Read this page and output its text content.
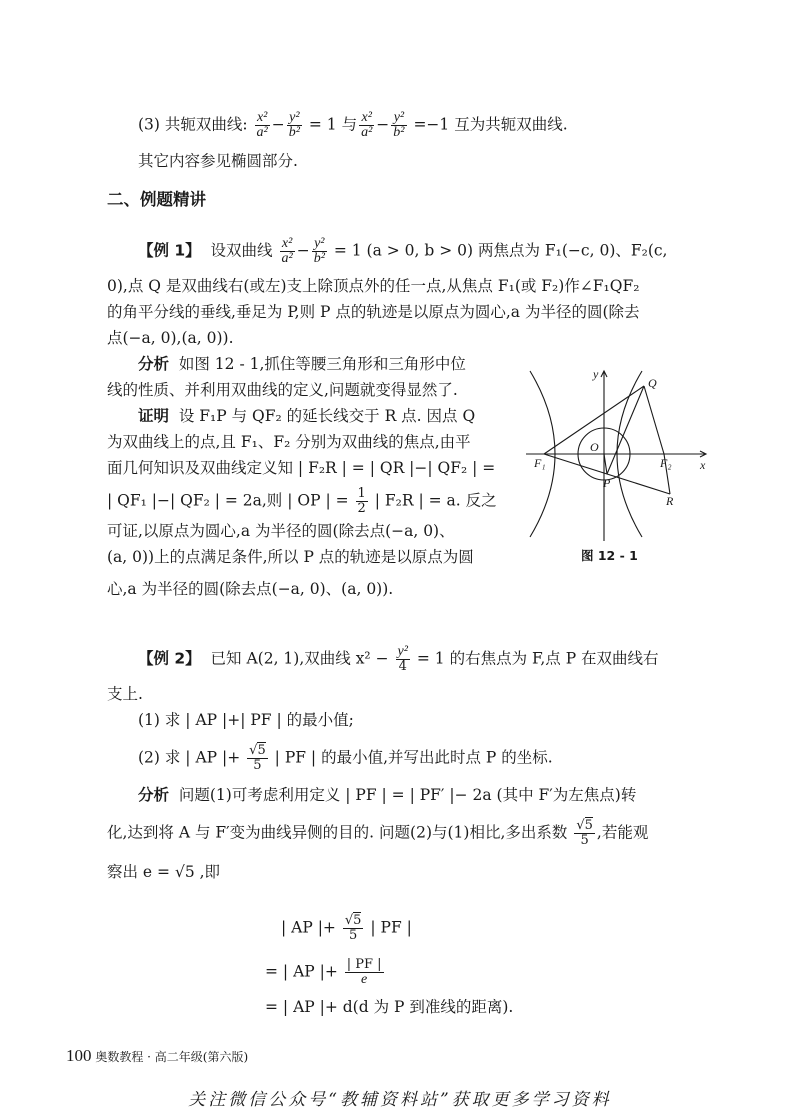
(3) 共轭双曲线: $\frac{\text{x²}}{\text{a²}} - \frac{\text{y²}}{\text{b²}} = 1$ 与 $\frac{\text{x²}}{\text{a²}} - \frac{\text{y²}}{\text{b²}} =-1$ 互为共轭双曲线.
其它内容参见椭圆部分.
二、例题精讲
【例 1】 设双曲线 $\frac{\text{x²}}{\text{a²}} - \frac{\text{y²}}{\text{b²}} = 1$ (a > 0, b > 0) 两焦点为 F₁(−c, 0)、F₂(c,
0),点 Q 是双曲线右(或左)支上除顶点外的任一点,从焦点 F₁(或 F₂)作∠F₁QF₂
的角平分线的垂线,垂足为 P,则 P 点的轨迹是以原点为圆心,a 为半径的圆(除去
点(−a, 0),(a, 0)).
分析 如图 12 - 1,抓住等腰三角形和三角形中位
线的性质、并利用双曲线的定义,问题就变得显然了.
证明 设 F₁P 与 QF₂ 的延长线交于 R 点. 因点 Q
为双曲线上的点,且 F₁、F₂ 分别为双曲线的焦点,由平
面几何知识及双曲线定义知 | F₂R | = | QR |−| QF₂ | =
| QF₁ |−| QF₂ | = 2a,则 | OP | = $\frac{1}{2}$ | F₂R | = a. 反之
可证,以原点为圆心,a 为半径的圆(除去点(−a, 0)、
(a, 0))上的点满足条件,所以 P 点的轨迹是以原点为圆
心,a 为半径的圆(除去点(−a, 0)、(a, 0)).
y
x
Q
O
F₁	F₂
P
R
图 12 - 1
【例 2】 已知 A(2, 1),双曲线 $x^2 - \frac{\text{y²}}{4} = 1$ 的右焦点为 F,点 P 在双曲线右
支上.
(1) 求 | AP |+| PF | 的最小值;
(2) 求 | AP |+ $\frac{√5}{5}$ | PF | 的最小值,并写出此时点 P 的坐标.
分析 问题(1)可考虑利用定义 | PF | = | PF′ |− 2a (其中 F′为左焦点)转
化,达到将 A 与 F′变为曲线异侧的目的. 问题(2)与(1)相比,多出系数 $\frac{√5}{5}$ ,若能观
察出 e = √5 ,即
| AP |+ $\frac{√5}{5}$ | PF |
= | AP |+ $\frac{| PF |}{e}$
= | AP |+ d(d 为 P 到准线的距离).
100 奥数教程 · 高二年级(第六版)
关注微信公众号“教辅资料站”获取更多学习资料
